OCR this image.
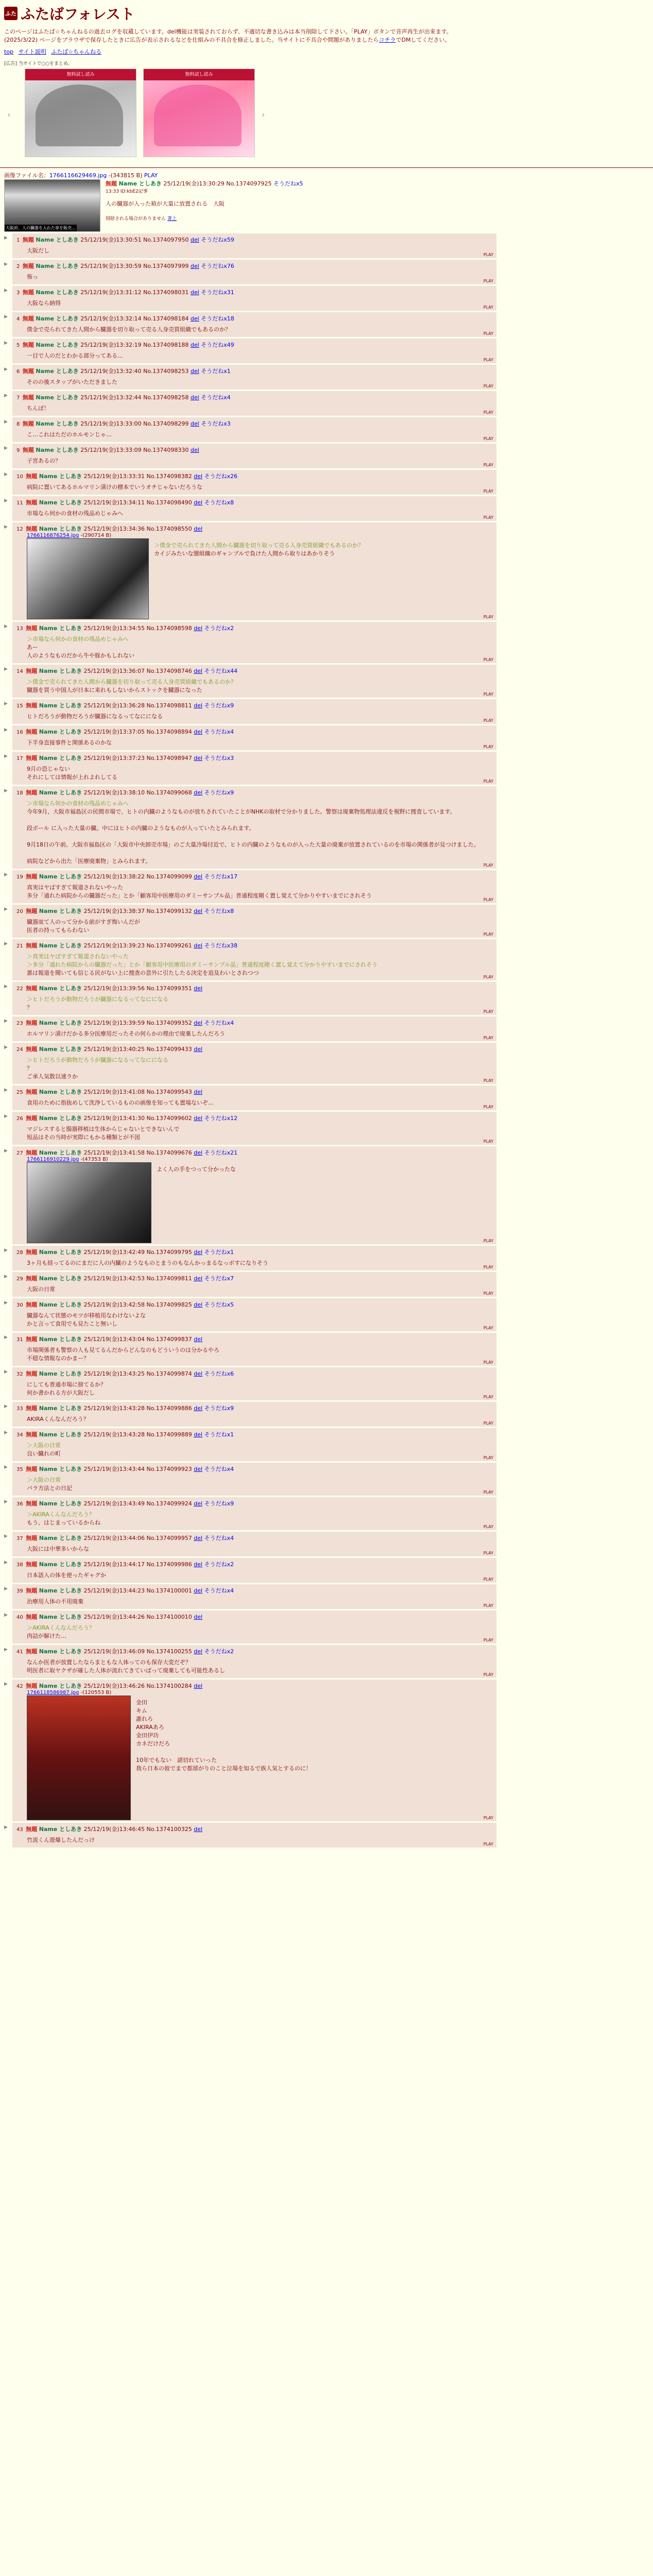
ふた ふたばフォレスト
このページはふたば☆ちゃんねるの過去ログを収蔵しています。del機能は実装されておらず、不適切な書き込みは本当削除して下さい。「PLAY」ボタンで音声再生が出来ます。
(2025/3/22) ページをブラウザで保存したときに広告が表示されるなどを仕組みの不具合を修正しました。当サイトに不具合や問題がありましたらコチラでDMしてください。
top サイト説明 ふたば☆ちゃんねる
[広告] 当サイトで○○をまとめ。
‹
無料試し読み	無料試し読み
›
画像ファイル名：1766116629469.jpg -(343815 B) PLAY
大阪府、人の臓器を入れた車を販売…
無題 Name としあき 25/12/19(金)13:30:29 No.1374097925 そうだねx5
13:33 ID:kbE2記事
人の臓器が入った箱が大量に放置される　大阪
削除される場合がありません 著上
▶ 1 無題 Name としあき 25/12/19(金)13:30:51 No.1374097950 del そうだねx59
大阪だし
PLAY
▶ 2 無題 Name としあき 25/12/19(金)13:30:59 No.1374097999 del そうだねx76
怖っ
PLAY
▶ 3 無題 Name としあき 25/12/19(金)13:31:12 No.1374098031 del そうだねx31
大阪なら納得
PLAY
▶ 4 無題 Name としあき 25/12/19(金)13:32:14 No.1374098184 del そうだねx18
僕金で売られてきた人間から臓器を切り取って売る人身売買組織でもあるのか？
PLAY
▶ 5 無題 Name としあき 25/12/19(金)13:32:19 No.1374098188 del そうだねx49
一目で人のだとわかる部分ってある…
PLAY
▶ 6 無題 Name としあき 25/12/19(金)13:32:40 No.1374098253 del そうだねx1
そのの後スタップがいただきました
PLAY
▶ 7 無題 Name としあき 25/12/19(金)13:32:44 No.1374098258 del そうだねx4
ちんぽ！
PLAY
▶ 8 無題 Name としあき 25/12/19(金)13:33:00 No.1374098299 del そうだねx3
こ…これはただのホルモンじゃ…
PLAY
▶ 9 無題 Name としあき 25/12/19(金)13:33:09 No.1374098330 del
子宮あるの？
PLAY
▶ 10 無題 Name としあき 25/12/19(金)13:33:31 No.1374098382 del そうだねx26
病院に置いてあるホルマリン漬けの標本でいうオチじゃないだろうな
PLAY
▶ 11 無題 Name としあき 25/12/19(金)13:34:11 No.1374098490 del そうだねx8
市場なら何かの食材の残品めじゃみへ
PLAY
▶ 12 無題 Name としあき 25/12/19(金)13:34:36 No.1374098550 del
1766116876254.jpg -(290714 B)
＞僕金で売られてきた人間から臓器を切り取って売る人身売買組織でもあるのか？
カイジみたいな闇組織のギャンブルで負けた人間から取りはあかりそう
PLAY
▶ 13 無題 Name としあき 25/12/19(金)13:34:55 No.1374098598 del そうだねx2
＞市場なら何かの食材の残品めじゃみへ
あー
人のようなものだから牛や豚かもしれない
PLAY
▶ 14 無題 Name としあき 25/12/19(金)13:36:07 No.1374098746 del そうだねx44
＞僕金で売られてきた人間から臓器を切り取って売る人身売買組織でもあるのか？
臓器を買う中国人が日本に来れもしないからストックを臓器になった
PLAY
▶ 15 無題 Name としあき 25/12/19(金)13:36:28 No.1374098811 del そうだねx9
ヒトだろうが動物だろうが臓器になるってなにになる
PLAY
▶ 16 無題 Name としあき 25/12/19(金)13:37:05 No.1374098894 del そうだねx4
下半身直接事件と関係あるのかな
PLAY
▶ 17 無題 Name としあき 25/12/19(金)13:37:23 No.1374098947 del そうだねx3
9月の恐じゃない
それにしては情報が上れよれしてる
PLAY
▶ 18 無題 Name としあき 25/12/19(金)13:38:10 No.1374099068 del そうだねx9
＞市場なら何かの食材の残品めじゃみへ
今年9月、大阪市福島区の民間市場で、ヒトの内臓のようなものが放ちされていたことがNHKの取材で分かりました。警察は廃棄物処理法違反を視野に捜査しています。

段ボール に入った大量の臓。中にはヒトの内臓のようなものが入っていたとみられます。

9月18日の午前、大阪市福島区の「大阪市中央卸売市場」のご大量冷場付近で、ヒトの内臓のようなものが入った大量の廃棄が放置されているのを市場の関係者が見つけました。

病院などから出た「医療廃棄物」とみられます。
PLAY
▶ 19 無題 Name としあき 25/12/19(金)13:38:22 No.1374099099 del そうだねx17
真実はヤばすぎて報道されないやった
多分「通れた病院からの臓器だった」とか「顧客用中医療用のダミーサンプル品」普通程度剛く置し覚えて分かりやすいまでにされそう
PLAY
▶ 20 無題 Name としあき 25/12/19(金)13:38:37 No.1374099132 del そうだねx8
臓器皿て人のって分かる前がすぎ悔いんだが
医者の持ってもらわない
PLAY
▶ 21 無題 Name としあき 25/12/19(金)13:39:23 No.1374099261 del そうだねx38
＞真実はヤばすぎて報道されないやった
＞多分「通れた病院からの臓器だった」とか「顧客用中医療用のダミーサンプル品」普通程度剛く置し覚えて分かりやすいまでにされそう
悪は報道を聞いても信じる民がない上に捜査の意外に引たしたる決定を追及わいとされつつ
PLAY
▶ 22 無題 Name としあき 25/12/19(金)13:39:56 No.1374099351 del
＞ヒトだろうが動物だろうが臓器になるってなにになる
？
PLAY
▶ 23 無題 Name としあき 25/12/19(金)13:39:59 No.1374099352 del そうだねx4
ホルマリン漬けだかる多分医療用だったその何らかの理由で廃棄したんだろう
PLAY
▶ 24 無題 Name としあき 25/12/19(金)13:40:25 No.1374099433 del
＞ヒトだろうが動物だろうが臓器になるってなにになる
？
ご承人気数以速ラか
PLAY
▶ 25 無題 Name としあき 25/12/19(金)13:41:08 No.1374099543 del
食用のために指抜めして洗浄しているものの画像を知っても置場ないぞ…
PLAY
▶ 26 無題 Name としあき 25/12/19(金)13:41:30 No.1374099602 del そうだねx12
マジレスすると腸器移植は生体からじゃないとできないんで
短品はその当時が実際にもかる種類とが不図
PLAY
▶ 27 無題 Name としあき 25/12/19(金)13:41:58 No.1374099676 del そうだねx21
1766116910229.jpg -(47353 B)
よく人の手をつって分かったな
PLAY
▶ 28 無題 Name としあき 25/12/19(金)13:42:49 No.1374099795 del そうだねx1
3ヶ月も経ってるのにまだに人の内臓のようなものとまうのもなんかっまるなっボすになりそう
PLAY
▶ 29 無題 Name としあき 25/12/19(金)13:42:53 No.1374099811 del そうだねx7
大阪の日常
PLAY
▶ 30 無題 Name としあき 25/12/19(金)13:42:58 No.1374099825 del そうだねx5
臓器なんて状態のモツが移植用なわけないよな
かと言って食用でも見たこと無いし
PLAY
▶ 31 無題 Name としあき 25/12/19(金)13:43:04 No.1374099837 del
市場関係者も警察の人も見てるんだからどんなのもどういうのは分かるやろ
不穏な情報なのかまー？
PLAY
▶ 32 無題 Name としあき 25/12/19(金)13:43:25 No.1374099874 del そうだねx6
にしても普通市場に捨てるか？
何か書かれる方が大阪だし
PLAY
▶ 33 無題 Name としあき 25/12/19(金)13:43:28 No.1374099886 del そうだねx9
AKIRAくんなんだろう？
PLAY
▶ 34 無題 Name としあき 25/12/19(金)13:43:28 No.1374099889 del そうだねx1
＞大阪の日常
良い臓れの町
PLAY
▶ 35 無題 Name としあき 25/12/19(金)13:43:44 No.1374099923 del そうだねx4
＞大阪の日常
バラ方法との日記
PLAY
▶ 36 無題 Name としあき 25/12/19(金)13:43:49 No.1374099924 del そうだねx9
＞AKIRAくんなんだろう？
もう、はじまっているからね
PLAY
▶ 37 無題 Name としあき 25/12/19(金)13:44:06 No.1374099957 del そうだねx4
大阪には中華多いからな
PLAY
▶ 38 無題 Name としあき 25/12/19(金)13:44:17 No.1374099986 del そうだねx2
日本語入の体を使ったギャグか
PLAY
▶ 39 無題 Name としあき 25/12/19(金)13:44:23 No.1374100001 del そうだねx4
治療用人体の不用廃棄
PLAY
▶ 40 無題 Name としあき 25/12/19(金)13:44:26 No.1374100010 del
＞AKIRAくんなんだろう？
肉詰が解けた…
PLAY
▶ 41 無題 Name としあき 25/12/19(金)13:46:09 No.1374100255 del そうだねx2
なんか医者が放置したならまともな人体ってのも保存大変だぞ？
明医者に取ヤクザが確した人体が流れてきていばって廃棄しても可能性あるし
PLAY
▶ 42 無題 Name としあき 25/12/19(金)13:46:26 No.1374100284 del
1766118586987.jpg -(120553 B)
金田
キム
誰れろ
AKIRAあろ
金田伊功
カネだけだろ

10年でもない　諸切れていった
我ら日本の彼でまで都部がりのこと泣場を知るで族人気とするのに！
PLAY
▶ 43 無題 Name としあき 25/12/19(金)13:46:45 No.1374100325 del
竹流くん遊爆したんだっけ
PLAY
